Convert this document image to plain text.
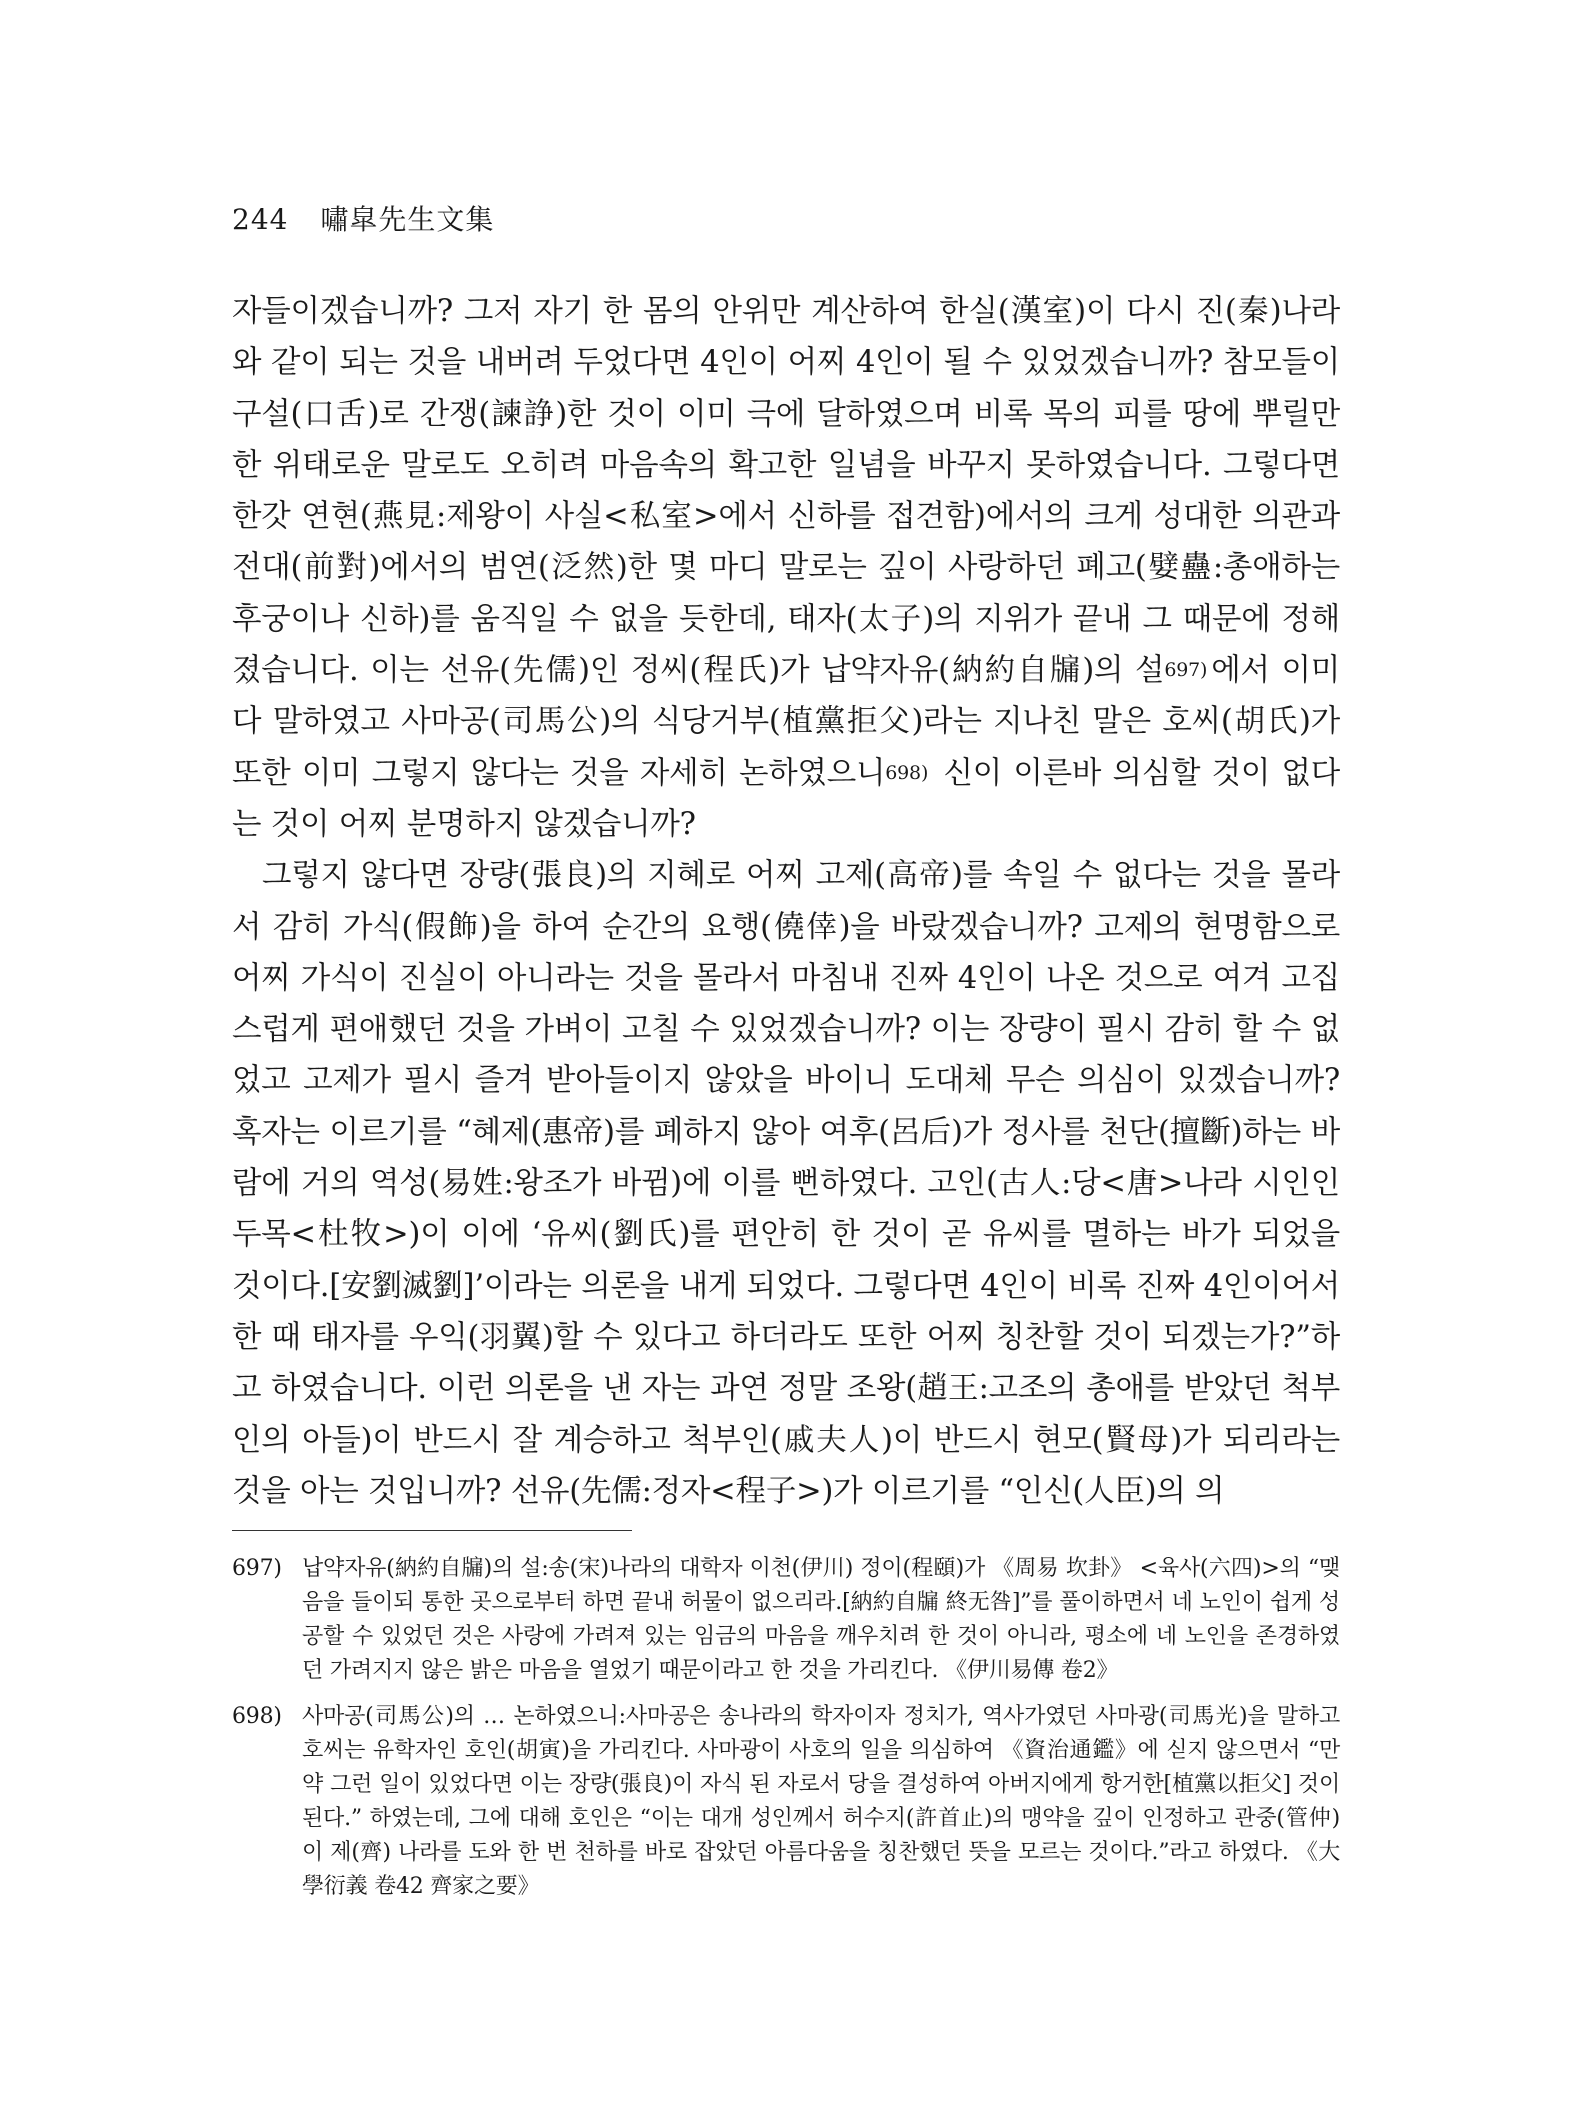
244 嘯皐先生文集

자들이겠습니까? 그저 자기 한 몸의 안위만 계산하여 한실(漢室)이 다시 진(秦)나라와 같이 되는 것을 내버려 두었다면 4인이 어찌 4인이 될 수 있었겠습니까? 참모들이 구설(口舌)로 간쟁(諫諍)한 것이 이미 극에 달하였으며 비록 목의 피를 땅에 뿌릴만한 위태로운 말로도 오히려 마음속의 확고한 일념을 바꾸지 못하였습니다. 그렇다면 한갓 연현(燕見:제왕이 사실<私室>에서 신하를 접견함)에서의 크게 성대한 의관과 전대(前對)에서의 범연(泛然)한 몇 마디 말로는 깊이 사랑하던 폐고(嬖蠱:총애하는 후궁이나 신하)를 움직일 수 없을 듯한데, 태자(太子)의 지위가 끝내 그 때문에 정해졌습니다. 이는 선유(先儒)인 정씨(程氏)가 납약자유(納約自牖)의 설697) 에서 이미 다 말하였고 사마공(司馬公)의 식당거부(植黨拒父)라는 지나친 말은 호씨(胡氏)가 또한 이미 그렇지 않다는 것을 자세히 논하였으니698) 신이 이른바 의심할 것이 없다는 것이 어찌 분명하지 않겠습니까?

그렇지 않다면 장량(張良)의 지혜로 어찌 고제(高帝)를 속일 수 없다는 것을 몰라서 감히 가식(假飾)을 하여 순간의 요행(僥倖)을 바랐겠습니까? 고제의 현명함으로 어찌 가식이 진실이 아니라는 것을 몰라서 마침내 진짜 4인이 나온 것으로 여겨 고집스럽게 편애했던 것을 가벼이 고칠 수 있었겠습니까? 이는 장량이 필시 감히 할 수 없었고 고제가 필시 즐겨 받아들이지 않았을 바이니 도대체 무슨 의심이 있겠습니까? 혹자는 이르기를 “혜제(惠帝)를 폐하지 않아 여후(呂后)가 정사를 천단(擅斷)하는 바람에 거의 역성(易姓:왕조가 바뀜)에 이를 뻔하였다. 고인(古人:당<唐>나라 시인인 두목<杜牧>)이 이에 ‘유씨(劉氏)를 편안히 한 것이 곧 유씨를 멸하는 바가 되었을 것이다.[安劉滅劉]’이라는 의론을 내게 되었다. 그렇다면 4인이 비록 진짜 4인이어서 한 때 태자를 우익(羽翼)할 수 있다고 하더라도 또한 어찌 칭찬할 것이 되겠는가?”하고 하였습니다. 이런 의론을 낸 자는 과연 정말 조왕(趙王:고조의 총애를 받았던 척부인의 아들)이 반드시 잘 계승하고 척부인(戚夫人)이 반드시 현모(賢母)가 되리라는 것을 아는 것입니까? 선유(先儒:정자<程子>)가 이르기를 “인신(人臣)의 의

697) 납약자유(納約自牖)의 설:송(宋)나라의 대학자 이천(伊川) 정이(程頤)가 《周易 坎卦》 <육사(六四)>의 “맺음을 들이되 통한 곳으로부터 하면 끝내 허물이 없으리라.[納約自牖 終无咎]”를 풀이하면서 네 노인이 쉽게 성공할 수 있었던 것은 사랑에 가려져 있는 임금의 마음을 깨우치려 한 것이 아니라, 평소에 네 노인을 존경하였던 가려지지 않은 밝은 마음을 열었기 때문이라고 한 것을 가리킨다. 《伊川易傳 卷2》
698) 사마공(司馬公)의 … 논하였으니:사마공은 송나라의 학자이자 정치가, 역사가였던 사마광(司馬光)을 말하고 호씨는 유학자인 호인(胡寅)을 가리킨다. 사마광이 사호의 일을 의심하여 《資治通鑑》에 싣지 않으면서 “만약 그런 일이 있었다면 이는 장량(張良)이 자식 된 자로서 당을 결성하여 아버지에게 항거한[植黨以拒父] 것이 된다.” 하였는데, 그에 대해 호인은 “이는 대개 성인께서 허수지(許首止)의 맹약을 깊이 인정하고 관중(管仲)이 제(齊) 나라를 도와 한 번 천하를 바로 잡았던 아름다움을 칭찬했던 뜻을 모르는 것이다.”라고 하였다. 《大學衍義 卷42 齊家之要》
